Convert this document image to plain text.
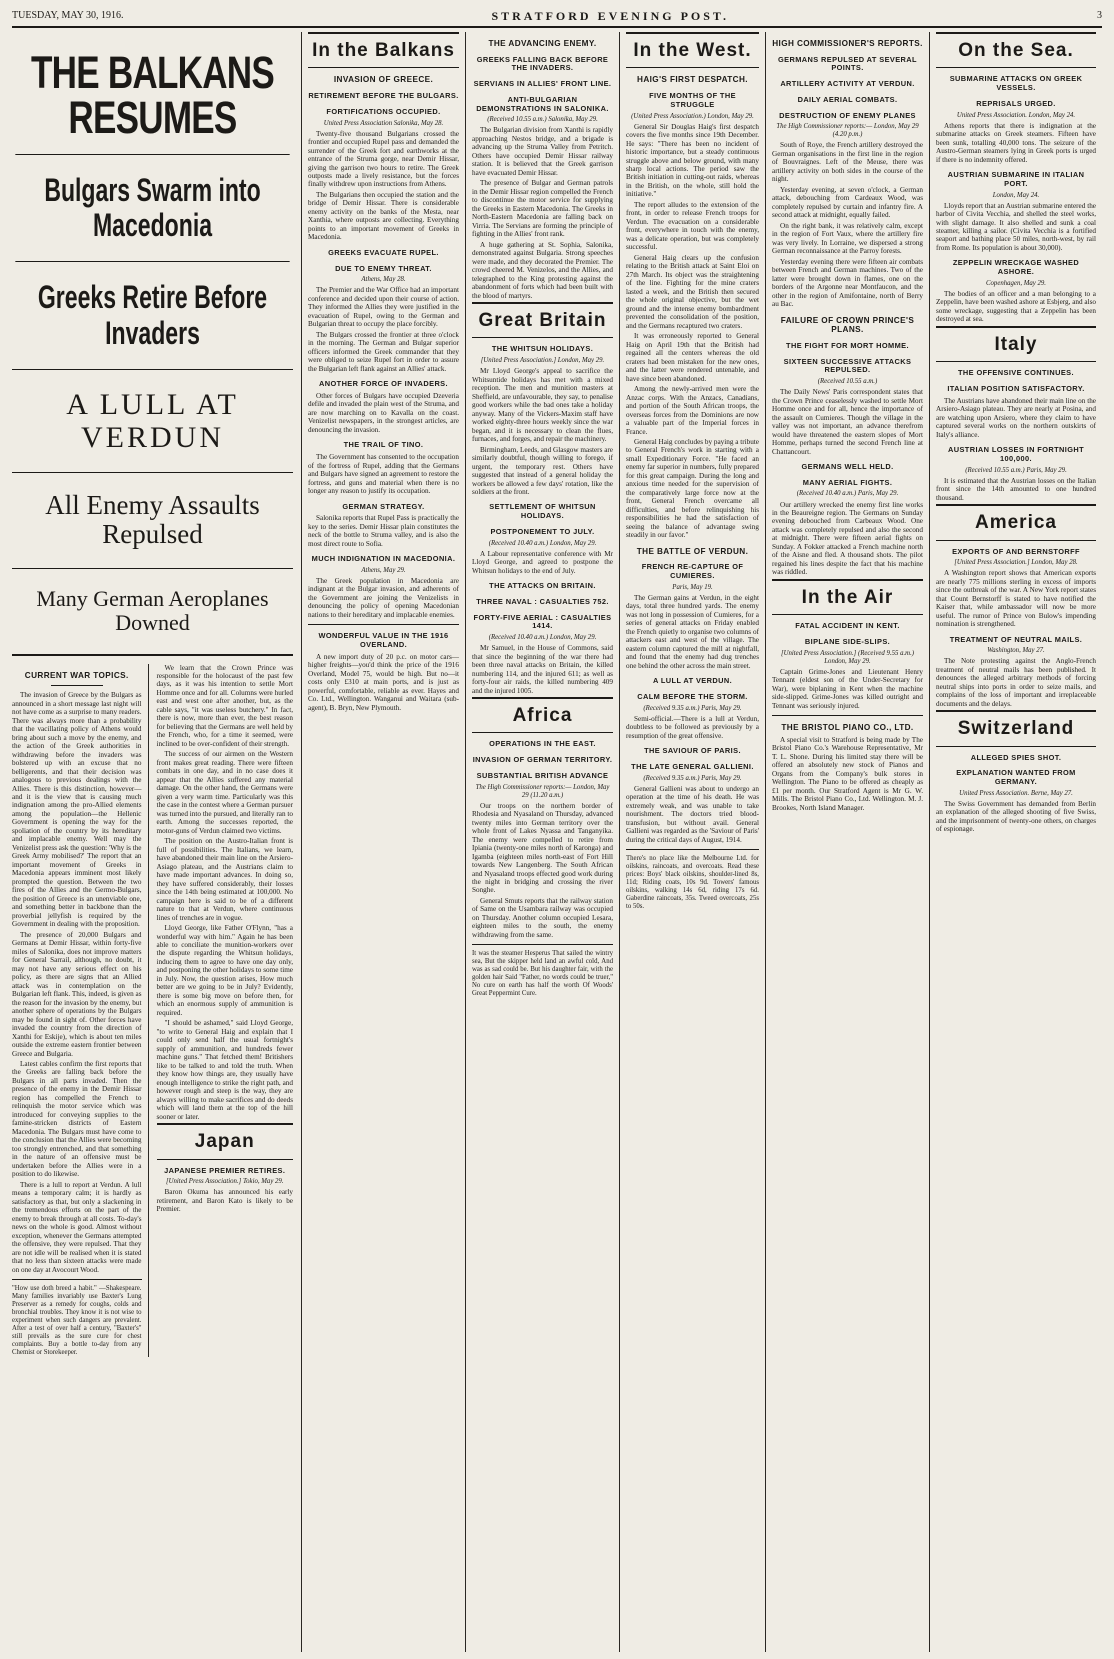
TUESDAY, MAY 30, 1916.	STRATFORD EVENING POST.	3
THE BALKANS RESUMES
Bulgars Swarm into Macedonia
Greeks Retire Before Invaders
A LULL AT VERDUN
All Enemy Assaults Repulsed
Many German Aeroplanes Downed
CURRENT WAR TOPICS.

The invasion of Greece by the Bulgars as announced in a short message last night will not have come as a surprise to many readers. There was always more than a probability that the vacillating policy of Athens would bring about such a move by the enemy, and the action of the Greek authorities in withdrawing before the invaders was bolstered up with an excuse that no belligerents, and that their decision was analogous to previous dealings with the Allies. There is this distinction, however—and it is the view that is causing much indignation among the pro-Allied elements among the population—the Hellenic Government is opening the way for the spoliation of the country by its hereditary and implacable enemy. Well may the Venizelist press ask the question: 'Why is the Greek Army mobilised?' The report that an important movement of Greeks in Macedonia appears imminent most likely prompted the question. Between the two fires of the Allies and the Germo-Bulgars, the position of Greece is an unenviable one, and something better in backbone than the proverbial jellyfish is required by the Government in dealing with the proposition.

The presence of 20,000 Bulgars and Germans at Demir Hissar, within forty-five miles of Salonika, does not improve matters for General Sarrail, although, no doubt, it may not have any serious effect on his policy, as there are signs that an Allied attack was in contemplation on the Bulgarian left flank. This, indeed, is given as the reason for the invasion by the enemy, but another sphere of operations by the Bulgars may be found in sight of. Other forces have invaded the country from the direction of Xanthi for Eskije), which is about ten miles outside the extreme eastern frontier between Greece and Bulgaria.

Latest cables confirm the first reports that the Greeks are falling back before the Bulgars in all parts invaded. Then the presence of the enemy in the Demir Hissar region has compelled the French to relinquish the motor service which was introduced for conveying supplies to the famine-stricken districts of Eastern Macedonia. The Bulgars must have come to the conclusion that the Allies were becoming too strongly entrenched, and that something in the nature of an offensive must be undertaken before the Allies were in a position to do likewise.

There is a lull to report at Verdun. A lull means a temporary calm; it is hardly as satisfactory as that, but only a slackening in the tremendous efforts on the part of the enemy to break through at all costs. To-day's news on the whole is good. Almost without exception, whenever the Germans attempted the offensive, they were repulsed. That they are not idle will be realised when it is stated that no less than sixteen attacks were made on one day at Avocourt Wood.

"How use doth breed a habit." —Shakespeare. Many families invariably use Baxter's Lung Preserver as a remedy for coughs, colds and bronchial troubles. They know it is not wise to experiment when such dangers are prevalent. After a test of over half a century, "Baxter's" still prevails as the sure cure for chest complaints. Buy a bottle to-day from any Chemist or Storekeeper.

We learn that the Crown Prince was responsible for the holocaust of the past few days, as it was his intention to settle Mort Homme once and for all. Columns were hurled east and west one after another, but, as the cable says, "it was useless butchery." In fact, there is now, more than ever, the best reason for believing that the Germans are well held by the French, who, for a time it seemed, were inclined to be over-confident of their strength.

The success of our airmen on the Western front makes great reading. There were fifteen combats in one day, and in no case does it appear that the Allies suffered any material damage. On the other hand, the Germans were given a very warm time. Particularly was this the case in the contest where a German pursuer was turned into the pursued, and literally ran to earth. Among the successes reported, the motor-guns of Verdun claimed two victims.

The position on the Austro-Italian front is full of possibilities. The Italians, we learn, have abandoned their main line on the Arsiero-Asiago plateau, and the Austrians claim to have made important advances. In doing so, they have suffered considerably, their losses since the 14th being estimated at 100,000. No campaign here is said to be of a different nature to that at Verdun, where continuous lines of trenches are in vogue.

Lloyd George, like Father O'Flynn, "has a wonderful way with him." Again he has been able to conciliate the munition-workers over the dispute regarding the Whitsun holidays, inducing them to agree to have one day only, and postponing the other holidays to some time in July. Now, the question arises, How much better are we going to be in July? Evidently, there is some big move on before then, for which an enormous supply of ammunition is required.

"I should be ashamed," said Lloyd George, "to write to General Haig and explain that I could only send half the usual fortnight's supply of ammunition, and hundreds fewer machine guns." That fetched them! Britishers like to be talked to and told the truth. When they know how things are, they usually have enough intelligence to strike the right path, and however rough and steep is the way, they are always willing to make sacrifices and do deeds which will land them at the top of the hill sooner or later.

Japan
JAPANESE PREMIER RETIRES.
[United Press Association.] Tokio, May 29.

Baron Okuma has announced his early retirement, and Baron Kato is likely to be Premier.

In the Balkans
INVASION OF GREECE.
RETIREMENT BEFORE THE BULGARS.
FORTIFICATIONS OCCUPIED.
United Press Association Salonika, May 28.

Twenty-five thousand Bulgarians crossed the frontier and occupied Rupel pass and demanded the surrender of the Greek fort and earthworks at the entrance of the Struma gorge, near Demir Hissar, giving the garrison two hours to retire. The Greek outposts made a lively resistance, but the forces finally withdrew upon instructions from Athens.

The Bulgarians then occupied the station and the bridge of Demir Hissar. There is considerable enemy activity on the banks of the Mesta, near Xanthia, where outposts are collecting. Everything points to an important movement of Greeks in Macedonia.

GREEKS EVACUATE RUPEL.
DUE TO ENEMY THREAT.
Athens, May 28.

The Premier and the War Office had an important conference and decided upon their course of action. They informed the Allies they were justified in the evacuation of Rupel, owing to the German and Bulgarian threat to occupy the place forcibly.

The Bulgars crossed the frontier at three o'clock in the morning. The German and Bulgar superior officers informed the Greek commander that they were obliged to seize Rupel fort in order to assure the Bulgarian left flank against an Allies' attack.

ANOTHER FORCE OF INVADERS.

Other forces of Bulgars have occupied Dzeveria defile and invaded the plain west of the Struma, and are now marching on to Kavalla on the coast. Venizelist newspapers, in the strongest articles, are denouncing the invasion.

THE TRAIL OF TINO.

The Government has consented to the occupation of the fortress of Rupel, adding that the Germans and Bulgars have signed an agreement to restore the fortress, and guns and material when there is no longer any reason to justify its occupation.

GERMAN STRATEGY.

Salonika reports that Rupel Pass is practically the key to the series. Demir Hissar plain constitutes the neck of the bottle to Struma valley, and is also the most direct route to Sofia.

MUCH INDIGNATION IN MACEDONIA.
Athens, May 29.

The Greek population in Macedonia are indignant at the Bulgar invasion, and adherents of the Government are joining the Venizelists in denouncing the policy of opening Macedonian nations to their hereditary and implacable enemies.

WONDERFUL VALUE IN THE 1916 OVERLAND.

A new import duty of 20 p.c. on motor cars—higher freights—you'd think the price of the 1916 Overland, Model 75, would be high. But no—it costs only £310 at main ports, and is just as powerful, comfortable, reliable as ever. Hayes and Co. Ltd., Wellington. Wanganui and Waitara (sub-agent), B. Bryn, New Plymouth.

THE ADVANCING ENEMY.
GREEKS FALLING BACK BEFORE THE INVADERS.
SERVIANS IN ALLIES' FRONT LINE.
ANTI-BULGARIAN DEMONSTRATIONS IN SALONIKA.
(Received 10.55 a.m.) Salonika, May 29.

The Bulgarian division from Xanthi is rapidly approaching Nestos bridge, and a brigade is advancing up the Struma Valley from Petritch. Others have occupied Demir Hissar railway station. It is believed that the Greek garrison have evacuated Demir Hissar.

The presence of Bulgar and German patrols in the Demir Hissar region compelled the French to discontinue the motor service for supplying the Greeks in Eastern Macedonia. The Greeks in North-Eastern Macedonia are falling back on Virria. The Servians are forming the principle of fighting in the Allies' front rank.

A huge gathering at St. Sophia, Salonika, demonstrated against Bulgaria. Strong speeches were made, and they decorated the Premier. The crowd cheered M. Venizelos, and the Allies, and telegraphed to the King protesting against the abandonment of forts which had been built with the blood of martyrs.

Great Britain
THE WHITSUN HOLIDAYS.
[United Press Association.] London, May 29.

Mr Lloyd George's appeal to sacrifice the Whitsuntide holidays has met with a mixed reception. The men and munition masters at Sheffield, are unfavourable, they say, to penalise good workers while the bad ones take a holiday anyway. Many of the Vickers-Maxim staff have worked eighty-three hours weekly since the war began, and it is necessary to clean the flues, furnaces, and forges, and repair the machinery.

Birmingham, Leeds, and Glasgow masters are similarly doubtful, though willing to forego, if urgent, the temporary rest. Others have suggested that instead of a general holiday the workers be allowed a few days' rotation, like the soldiers at the front.

SETTLEMENT OF WHITSUN HOLIDAYS.
POSTPONEMENT TO JULY.
(Received 10.40 a.m.) London, May 29.

A Labour representative conference with Mr Lloyd George, and agreed to postpone the Whitsun holidays to the end of July.

THE ATTACKS ON BRITAIN.
THREE NAVAL : CASUALTIES 752.
FORTY-FIVE AERIAL : CASUALTIES 1414.
(Received 10.40 a.m.) London, May 29.

Mr Samuel, in the House of Commons, said that since the beginning of the war there had been three naval attacks on Britain, the killed numbering 114, and the injured 611; as well as forty-four air raids, the killed numbering 409 and the injured 1005.

Africa
OPERATIONS IN THE EAST.
INVASION OF GERMAN TERRITORY.
SUBSTANTIAL BRITISH ADVANCE
The High Commissioner reports:— London, May 29 (11.20 a.m.)

Our troops on the northern border of Rhodesia and Nyasaland on Thursday, advanced twenty miles into German territory over the whole front of Lakes Nyassa and Tanganyika. The enemy were compelled to retire from Ipiania (twenty-one miles north of Karonga) and Igamba (eighteen miles north-east of Fort Hill towards New Langenberg. The South African and Nyasaland troops effected good work during the night in bridging and crossing the river Songhe.

General Smuts reports that the railway station of Same on the Usambara railway was occupied on Thursday. Another column occupied Lesara, eighteen miles to the south, the enemy withdrawing from the same.

It was the steamer Hesperus That sailed the wintry sea, But the skipper held land an awful cold, And was as sad could be. But his daughter fair, with the golden hair Said "Father, no words could be truer," No cure on earth has half the worth Of Woods' Great Peppermint Cure.

In the West.
HAIG'S FIRST DESPATCH.
FIVE MONTHS OF THE STRUGGLE
(United Press Association.) London, May 29.

General Sir Douglas Haig's first despatch covers the five months since 19th December. He says: "There has been no incident of historic importance, but a steady continuous struggle above and below ground, with many sharp local actions. The period saw the British initiation in cutting-out raids, whereas in the British, on the whole, still hold the initiative."

The report alludes to the extension of the front, in order to release French troops for Verdun. The evacuation on a considerable front, everywhere in touch with the enemy, was a delicate operation, but was completely successful.

General Haig clears up the confusion relating to the British attack at Saint Eloi on 27th March. Its object was the straightening of the line. Fighting for the mine craters lasted a week, and the British then secured the whole original objective, but the wet ground and the intense enemy bombardment prevented the consolidation of the position, and the Germans recaptured two craters.

It was erroneously reported to General Haig on April 19th that the British had regained all the centers whereas the old craters had been mistaken for the new ones, and the latter were rendered untenable, and have since been abandoned.

Among the newly-arrived men were the Anzac corps. With the Anzacs, Canadians, and portion of the South African troops, the overseas forces from the Dominions are now a valuable part of the Imperial forces in France.

General Haig concludes by paying a tribute to General French's work in starting with a small Expeditionary Force. "He faced an enemy far superior in numbers, fully prepared for this great campaign. During the long and anxious time needed for the supervision of the comparatively large force now at the front, General French overcame all difficulties, and before relinquishing his responsibilities he had the satisfaction of seeing the balance of advantage swing steadily in our favor."

THE BATTLE OF VERDUN.
FRENCH RE-CAPTURE OF CUMIERES.
Paris, May 19.

The German gains at Verdun, in the eight days, total three hundred yards. The enemy was not long in possession of Cumieres, for a series of general attacks on Friday enabled the French quietly to organise two columns of attackers east and west of the village. The eastern column captured the mill at nightfall, and found that the enemy had dug trenches one behind the other across the main street.

A LULL AT VERDUN.
CALM BEFORE THE STORM.
(Received 9.35 a.m.) Paris, May 29.

Semi-official.—There is a lull at Verdun, doubtless to be followed as previously by a resumption of the great offensive.

THE SAVIOUR OF PARIS.
THE LATE GENERAL GALLIENI.
(Received 9.35 a.m.) Paris, May 29.

General Gallieni was about to undergo an operation at the time of his death. He was extremely weak, and was unable to take nourishment. The doctors tried blood-transfusion, but without avail. General Gallieni was regarded as the 'Saviour of Paris' during the critical days of August, 1914.

There's no place like the Melbourne Ltd. for oilskins, raincoats, and overcoats. Read these prices: Boys' black oilskins, shoulder-lined 8s, 11d; Riding coats, 10s 9d. Towers' famous oilskins, walking 14s 6d, riding 17s 6d. Gaberdine raincoats, 35s. Tweed overcoats, 25s to 50s.

HIGH COMMISSIONER'S REPORTS.
GERMANS REPULSED AT SEVERAL POINTS.
ARTILLERY ACTIVITY AT VERDUN.
DAILY AERIAL COMBATS.
DESTRUCTION OF ENEMY PLANES
The High Commissioner reports:— London, May 29 (4.20 p.m.)

South of Roye, the French artillery destroyed the German organisations in the first line in the region of Bouvraignes. Left of the Meuse, there was artillery activity on both sides in the course of the night.

Yesterday evening, at seven o'clock, a German attack, debouching from Cardeaux Wood, was completely repulsed by curtain and infantry fire. A second attack at midnight, equally failed.

On the right bank, it was relatively calm, except in the region of Fort Vaux, where the artillery fire was very lively. In Lorraine, we dispersed a strong German reconnaissance at the Parroy forests.

Yesterday evening there were fifteen air combats between French and German machines. Two of the latter were brought down in flames, one on the borders of the Argonne near Montfaucon, and the other in the region of Amifontaine, north of Berry au Bac.

FAILURE OF CROWN PRINCE'S PLANS.
THE FIGHT FOR MORT HOMME.
SIXTEEN SUCCESSIVE ATTACKS REPULSED.
(Received 10.55 a.m.)

The Daily News' Paris correspondent states that the Crown Prince ceaselessly washed to settle Mort Homme once and for all, hence the importance of the assault on Cumieres. Though the village in the valley was not important, an advance therefrom would have threatened the eastern slopes of Mort Homme, perhaps turned the second French line at Chattancourt.

GERMANS WELL HELD.
MANY AERIAL FIGHTS.
(Received 10.40 a.m.) Paris, May 29.

Our artillery wrecked the enemy first line works in the Beaureigne region. The Germans on Sunday evening debouched from Carbeaux Wood. One attack was completely repulsed and also the second at midnight. There were fifteen aerial fights on Sunday. A Fokker attacked a French machine north of the Aisne and fled. A thousand shots. The pilot regained his lines despite the fact that his machine was riddled.

In the Air
FATAL ACCIDENT IN KENT.
BIPLANE SIDE-SLIPS.
[United Press Association.] (Received 9.55 a.m.) London, May 29.

Captain Grime-Jones and Lieutenant Henry Tennant (eldest son of the Under-Secretary for War), were biplaning in Kent when the machine side-slipped. Grime-Jones was killed outright and Tennant was seriously injured.

THE BRISTOL PIANO CO., LTD.

A special visit to Stratford is being made by The Bristol Piano Co.'s Warehouse Representative, Mr T. L. Shone. During his limited stay there will be offered an absolutely new stock of Pianos and Organs from the Company's bulk stores in Wellington. The Piano to be offered as cheaply as £1 per month. Our Stratford Agent is Mr G. W. Mills. The Bristol Piano Co., Ltd. Wellington. M. J. Brookes, North Island Manager.

On the Sea.
SUBMARINE ATTACKS ON GREEK VESSELS.
REPRISALS URGED.
United Press Association. London, May 24.

Athens reports that there is indignation at the submarine attacks on Greek steamers. Fifteen have been sunk, totalling 40,000 tons. The seizure of the Austro-German steamers lying in Greek ports is urged if there is no indemnity offered.

AUSTRIAN SUBMARINE IN ITALIAN PORT.
London, May 24.

Lloyds report that an Austrian submarine entered the harbor of Civita Vecchia, and shelled the steel works, with slight damage. It also shelled and sunk a coal steamer, killing a sailor. (Civita Vecchia is a fortified seaport and bathing place 50 miles, north-west, by rail from Rome. Its population is about 30,000).

ZEPPELIN WRECKAGE WASHED ASHORE.
Copenhagen, May 29.

The bodies of an officer and a man belonging to a Zeppelin, have been washed ashore at Esbjerg, and also some wreckage, suggesting that a Zeppelin has been destroyed at sea.

Italy
THE OFFENSIVE CONTINUES.
ITALIAN POSITION SATISFACTORY.

The Austrians have abandoned their main line on the Arsiero-Asiago plateau. They are nearly at Posina, and are watching upon Arsiero, where they claim to have captured several works on the northern outskirts of Italy's alliance.

AUSTRIAN LOSSES IN FORTNIGHT 100,000.
(Received 10.55 a.m.) Paris, May 29.

It is estimated that the Austrian losses on the Italian front since the 14th amounted to one hundred thousand.

America
EXPORTS OF AND BERNSTORFF
[United Press Association.] London, May 28.

A Washington report shows that American exports are nearly 775 millions sterling in excess of imports since the outbreak of the war. A New York report states that Count Bernstorff is stated to have notified the Kaiser that, while ambassador will now be more useful. The rumor of Prince von Bulow's impending nomination is strengthened.

TREATMENT OF NEUTRAL MAILS.
Washington, May 27.

The Note protesting against the Anglo-French treatment of neutral mails has been published. It denounces the alleged arbitrary methods of forcing neutral ships into ports in order to seize mails, and complains of the loss of important and irreplaceable documents and the delays.

Switzerland
ALLEGED SPIES SHOT.
EXPLANATION WANTED FROM GERMANY.
United Press Association. Berne, May 27.

The Swiss Government has demanded from Berlin an explanation of the alleged shooting of five Swiss, and the imprisonment of twenty-one others, on charges of espionage.
